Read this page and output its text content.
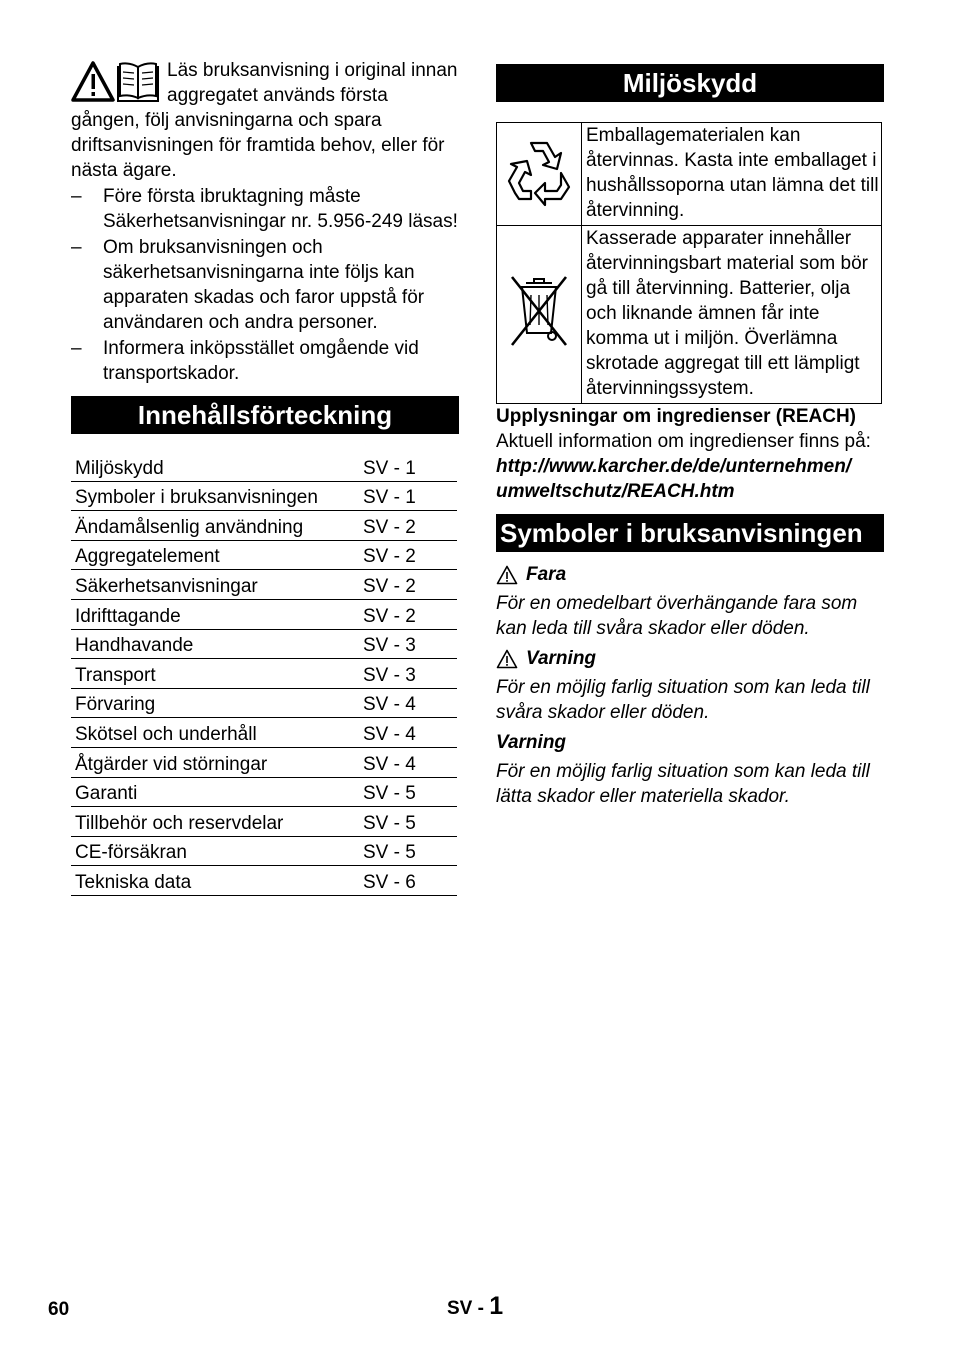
Läs bruksanvisning i original innan aggregatet används första gången, följ anvisningarna och spara driftsanvisningen för framtida behov, eller för nästa ägare.

– Före första ibruktagning måste Säkerhetsanvisningar nr. 5.956-249 läsas!
– Om bruksanvisningen och säkerhetsanvisningarna inte följs kan apparaten skadas och faror uppstå för användaren och andra personer.
– Informera inköpsstället omgående vid transportskador.
Innehållsförteckning
Miljöskydd	SV - 1
Symboler i bruksanvisningen	SV - 1
Ändamålsenlig användning	SV - 2
Aggregatelement	SV - 2
Säkerhetsanvisningar	SV - 2
Idrifttagande	SV - 2
Handhavande	SV - 3
Transport	SV - 3
Förvaring	SV - 4
Skötsel och underhåll	SV - 4
Åtgärder vid störningar	SV - 4
Garanti	SV - 5
Tillbehör och reservdelar	SV - 5
CE-försäkran	SV - 5
Tekniska data	SV - 6
Miljöskydd
	Emballagematerialen kan återvinnas. Kasta inte emballaget i hushållssoporna utan lämna det till återvinning.
	Kasserade apparater innehåller återvinningsbart material som bör gå till återvinning. Batterier, olja och liknande ämnen får inte komma ut i miljön. Överlämna skrotade aggregat till ett lämpligt återvinningssystem.

Upplysningar om ingredienser (REACH)

Aktuell information om ingredienser finns på:

http://www.karcher.de/de/unternehmen/
umweltschutz/REACH.htm

Symboler i bruksanvisningen
Fara

För en omedelbart överhängande fara som kan leda till svåra skador eller döden.

Varning

För en möjlig farlig situation som kan leda till svåra skador eller döden.

Varning

För en möjlig farlig situation som kan leda till lätta skador eller materiella skador.

60	SV - 1
